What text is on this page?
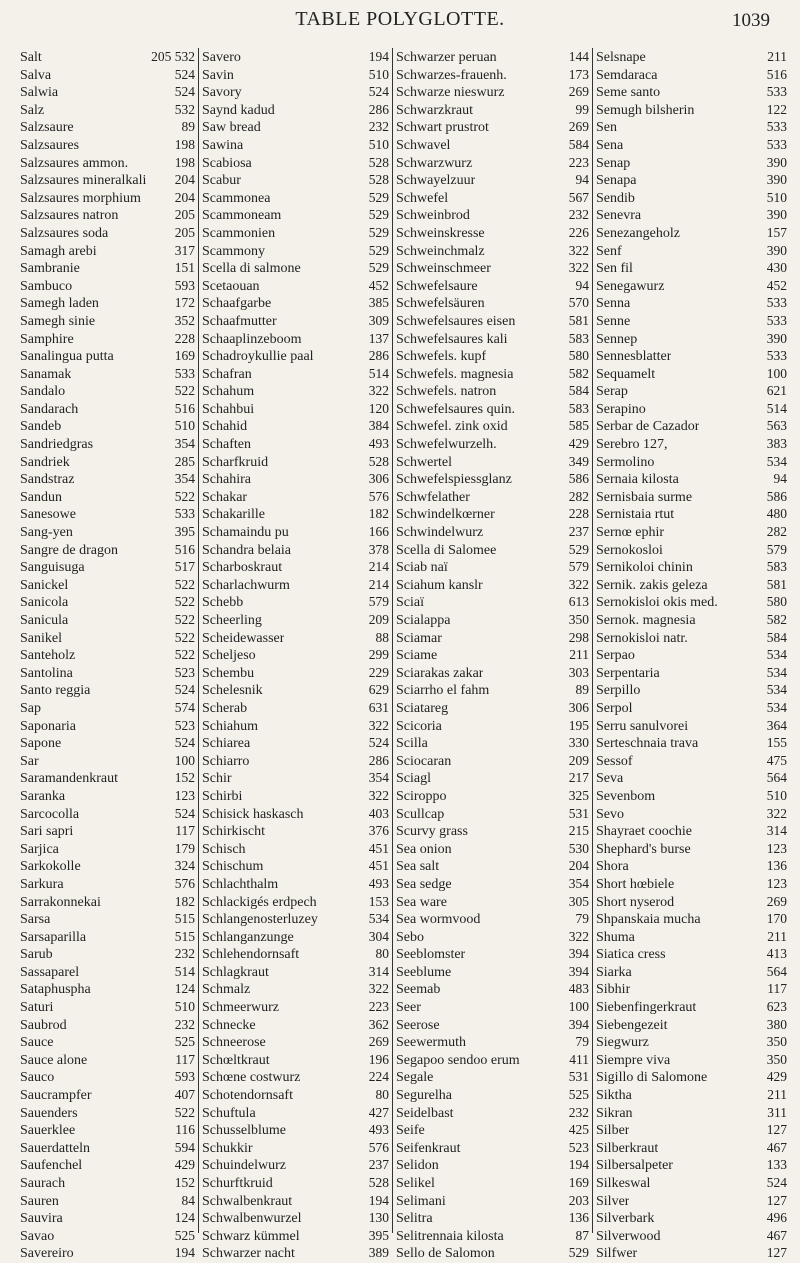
TABLE POLYGLOTTE.	1039
Salt	205 532
Salva	524
Salwia	524
Salz	532
Salzsaure	89
Salzsaures	198
Salzsaures ammon.	198
Salzsaures mineralkali 204
Salzsaures morphium	204
Salzsaures natron	205
Salzsaures soda	205
Samagh arebi	317
Sambranie	151
Sambuco	593
Samegh laden	172
Samegh sinie	352
Samphire	228
Sanalingua putta	169
Sanamak	533
Sandalo	522
Sandarach	516
Sandeb	510
Sandriedgras	354
Sandriek	285
Sandstraz	354
Sandun	522
Sanesowe	533
Sang-yen	395
Sangre de dragon	516
Sanguisuga	517
Sanickel	522
Sanicola	522
Sanicula	522
Sanikel	522
Santeholz	522
Santolina	523
Santo reggia	524
Sap	574
Saponaria	523
Sapone	524
Sar	100
Saramandenkraut	152
Saranka	123
Sarcocolla	524
Sari sapri	117
Sarjica	179
Sarkokolle	324
Sarkura	576
Sarrakonnekai	182
Sarsa	515
Sarsaparilla	515
Sarub	232
Sassaparel	514
Sataphuspha	124
Saturi	510
Saubrod	232
Sauce	525
Sauce alone	117
Sauco	593
Saucrampfer	407
Sauenders	522
Sauerklee	116
Sauerdatteln	594
Saufenchel	429
Saurach	152
Sauren	84
Sauvira	124
Savao	525
Savereiro	194
Savero	194
Savin	510
Savory	524
Saynd kadud	286
Saw bread	232
Sawina	510
Scabiosa	528
Scabur	528
Scammonea	529
Scammoneam	529
Scammonien	529
Scammony	529
Scella di salmone	529
Scetaouan	452
Schaafgarbe	385
Schaafmutter	309
Schaaplinzeboom	137
Schadroykullie paal	286
Schafran	514
Schahum	322
Schahbui	120
Schahid	384
Schaften	493
Scharfkruid	528
Schahira	306
Schakar	576
Schakarille	182
Schamaindu pu	166
Schandra belaia	378
Scharboskraut	214
Scharlachwurm	214
Schebb	579
Scheerling	209
Scheidewasser	88
Scheljeso	299
Schembu	229
Schelesnik	629
Scherab	631
Schiahum	322
Schiarea	524
Schiarro	286
Schir	354
Schirbi	322
Schisick haskasch	403
Schirkischt	376
Schisch	451
Schischum	451
Schlachthalm	493
Schlackigés erdpech	153
Schlangenosterluzey	534
Schlanganzunge	304
Schlehendornsaft	80
Schlagkraut	314
Schmalz	322
Schmeerwurz	223
Schnecke	362
Schneerose	269
Schœltkraut	196
Schœne costwurz	224
Schotendornsaft	80
Schuftula	427
Schusselblume	493
Schukkir	576
Schuindelwurz	237
Schurftkruid	528
Schwalbenkraut	194
Schwalbenwurzel	130
Schwarz kümmel	395
Schwarzer nacht	389
Schwarzer peruan	144
Schwarzes-frauenh.	173
Schwarze nieswurz	269
Schwarzkraut	99
Schwart prustrot	269
Schwavel	584
Schwarzwurz	223
Schwayelzuur	94
Schwefel	567
Schweinbrod	232
Schweinskresse	226
Schweinchmalz	322
Schweinschmeer	322
Schwefelsaure	94
Schwefelsäuren	570
Schwefelsaures eisen	581
Schwefelsaures kali	583
Schwefels. kupf	580
Schwefels. magnesia	582
Schwefels. natron	584
Schwefelsaures quin.	583
Schwefel. zink oxid	585
Schwefelwurzelh.	429
Schwertel	349
Schwefelspiessglanz	586
Schwfelather	282
Schwindelkœrner	228
Schwindelwurz	237
Scella di Salomee	529
Sciab naï	579
Sciahum kanslr	322
Sciaï	613
Scialappa	350
Sciamar	298
Sciame	211
Sciarakas zakar	303
Sciarrho el fahm	89
Sciatareg	306
Scicoria	195
Scilla	330
Sciocaran	209
Sciagl	217
Sciroppo	325
Scullcap	531
Scurvy grass	215
Sea onion	530
Sea salt	204
Sea sedge	354
Sea ware	305
Sea wormvood	79
Sebo	322
Seeblomster	394
Seeblume	394
Seemab	483
Seer	100
Seerose	394
Seewermuth	79
Segapoo sendoo erum	411
Segale	531
Segurelha	525
Seidelbast	232
Seife	425
Seifenkraut	523
Selidon	194
Selikel	169
Selimani	203
Selitra	136
Selitrennaia kilosta	87
Sello de Salomon	529
Selsnape	211
Semdaraca	516
Seme santo	533
Semugh bilsherin	122
Sen	533
Sena	533
Senap	390
Senapa	390
Sendib	510
Senevra	390
Senezangeholz	157
Senf	390
Sen fil	430
Senegawurz	452
Senna	533
Senne	533
Sennep	390
Sennesblatter	533
Sequamelt	100
Serap	621
Serapino	514
Serbar de Cazador	563
Serebro 127,	383
Sermolino	534
Sernaia kilosta	94
Sernisbaia surme	586
Sernistaia rtut	480
Sernœ ephir	282
Sernokosloi	579
Sernikoloi chinin	583
Sernik. zakis geleza	581
Sernokisloi okis med.	580
Sernok. magnesia	582
Sernokisloi natr.	584
Serpao	534
Serpentaria	534
Serpillo	534
Serpol	534
Serru sanulvorei	364
Serteschnaia trava	155
Sessof	475
Seva	564
Sevenbom	510
Sevo	322
Shayraet coochie	314
Shephard's burse	123
Shora	136
Short hœbiele	123
Short nyserod	269
Shpanskaia mucha	170
Shuma	211
Siatica cress	413
Siarka	564
Sibhir	117
Siebenfingerkraut	623
Siebengezeit	380
Siegwurz	350
Siempre viva	350
Sigillo di Salomone	429
Siktha	211
Sikran	311
Silber	127
Silberkraut	467
Silbersalpeter	133
Silkeswal	524
Silver	127
Silverbark	496
Silverwood	467
Silfwer	127
